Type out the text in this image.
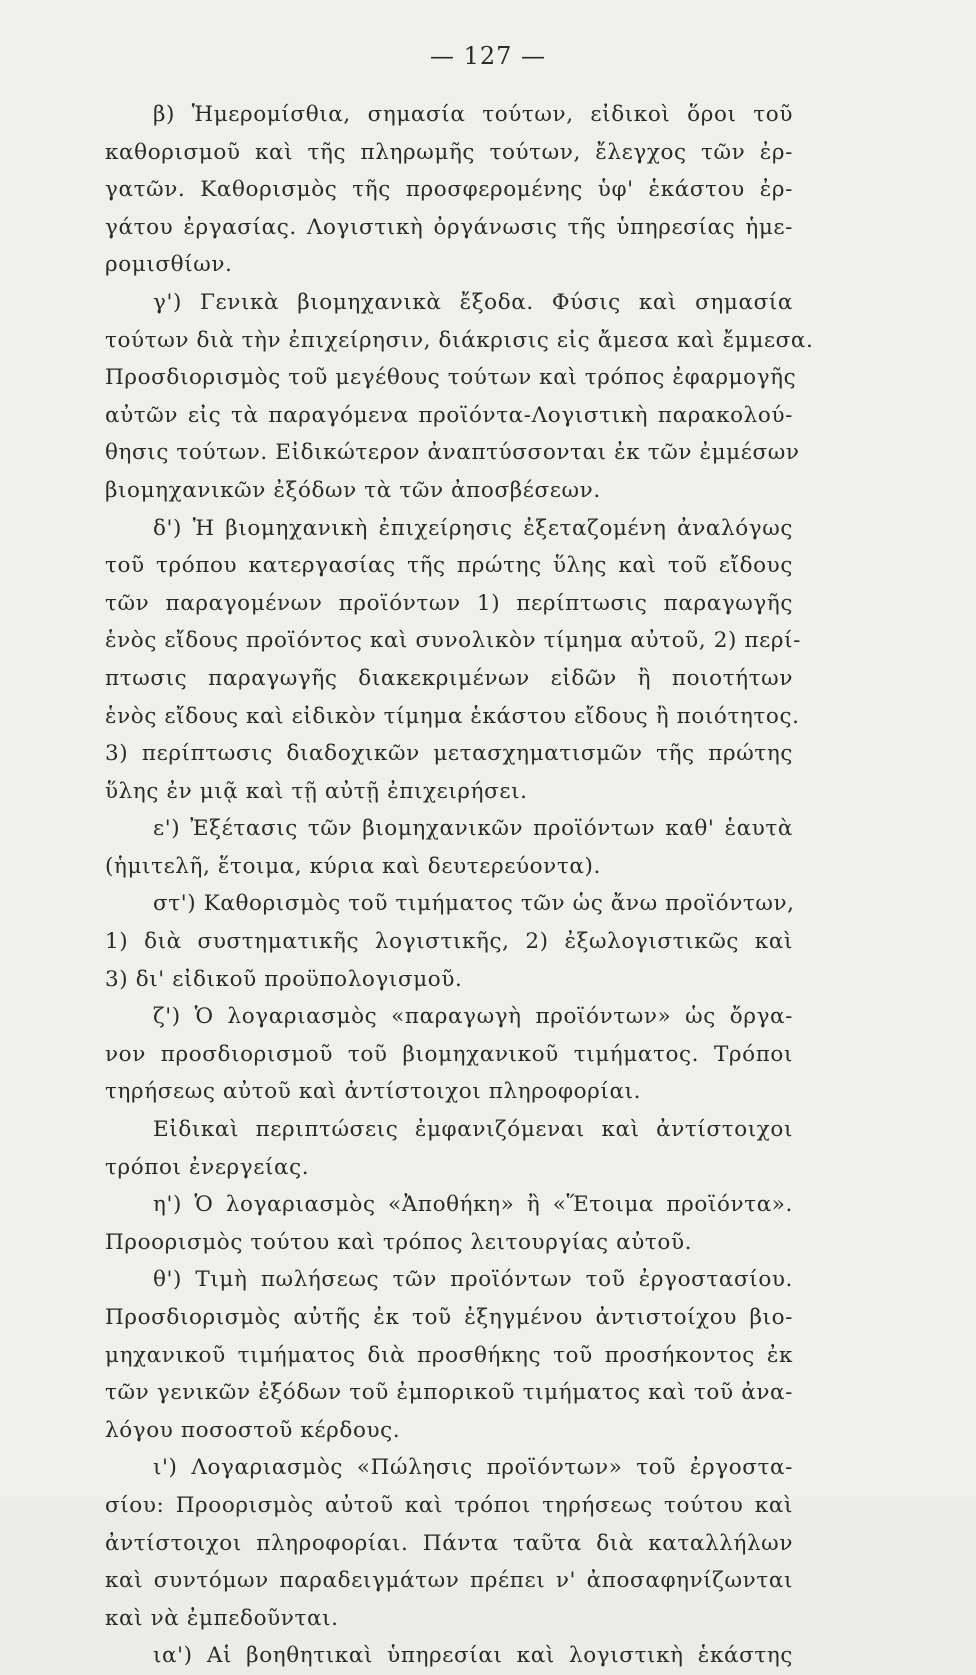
— 127 —
β) Ἡμερομίσθια, σημασία τούτων, εἰδικοὶ ὅροι τοῦ
καθορισμοῦ καὶ τῆς πληρωμῆς τούτων, ἔλεγχος τῶν ἐρ-
γατῶν. Καθορισμὸς τῆς προσφερομένης ὑφ' ἑκάστου ἐρ-
γάτου ἐργασίας. Λογιστικὴ ὀργάνωσις τῆς ὑπηρεσίας ἡμε-
ρομισθίων.
γ') Γενικὰ βιομηχανικὰ ἔξοδα. Φύσις καὶ σημασία
τούτων διὰ τὴν ἐπιχείρησιν, διάκρισις εἰς ἄμεσα καὶ ἔμμεσα.
Προσδιορισμὸς τοῦ μεγέθους τούτων καὶ τρόπος ἐφαρμογῆς
αὐτῶν εἰς τὰ παραγόμενα προϊόντα-Λογιστικὴ παρακολού-
θησις τούτων. Εἰδικώτερον ἀναπτύσσονται ἐκ τῶν ἐμμέσων
βιομηχανικῶν ἐξόδων τὰ τῶν ἀποσβέσεων.
δ') Ἡ βιομηχανικὴ ἐπιχείρησις ἐξεταζομένη ἀναλόγως
τοῦ τρόπου κατεργασίας τῆς πρώτης ὕλης καὶ τοῦ εἴδους
τῶν παραγομένων προϊόντων 1) περίπτωσις παραγωγῆς
ἑνὸς εἴδους προϊόντος καὶ συνολικὸν τίμημα αὐτοῦ, 2) περί-
πτωσις παραγωγῆς διακεκριμένων εἰδῶν ἢ ποιοτήτων
ἑνὸς εἴδους καὶ εἰδικὸν τίμημα ἑκάστου εἴδους ἢ ποιότητος.
3) περίπτωσις διαδοχικῶν μετασχηματισμῶν τῆς πρώτης
ὕλης ἐν μιᾷ καὶ τῇ αὐτῇ ἐπιχειρήσει.
ε') Ἐξέτασις τῶν βιομηχανικῶν προϊόντων καθ' ἑαυτὰ
(ἡμιτελῆ, ἕτοιμα, κύρια καὶ δευτερεύοντα).
στ') Καθορισμὸς τοῦ τιμήματος τῶν ὡς ἄνω προϊόντων,
1) διὰ συστηματικῆς λογιστικῆς, 2) ἐξωλογιστικῶς καὶ
3) δι' εἰδικοῦ προϋπολογισμοῦ.
ζ') Ὁ λογαριασμὸς «παραγωγὴ προϊόντων» ὡς ὄργα-
νον προσδιορισμοῦ τοῦ βιομηχανικοῦ τιμήματος. Τρόποι
τηρήσεως αὐτοῦ καὶ ἀντίστοιχοι πληροφορίαι.
Εἰδικαὶ περιπτώσεις ἐμφανιζόμεναι καὶ ἀντίστοιχοι
τρόποι ἐνεργείας.
η') Ὁ λογαριασμὸς «Ἀποθήκη» ἢ «Ἕτοιμα προϊόντα».
Προορισμὸς τούτου καὶ τρόπος λειτουργίας αὐτοῦ.
θ') Τιμὴ πωλήσεως τῶν προϊόντων τοῦ ἐργοστασίου.
Προσδιορισμὸς αὐτῆς ἐκ τοῦ ἐξηγμένου ἀντιστοίχου βιο-
μηχανικοῦ τιμήματος διὰ προσθήκης τοῦ προσήκοντος ἐκ
τῶν γενικῶν ἐξόδων τοῦ ἐμπορικοῦ τιμήματος καὶ τοῦ ἀνα-
λόγου ποσοστοῦ κέρδους.
ι') Λογαριασμὸς «Πώλησις προϊόντων» τοῦ ἐργοστα-
σίου: Προορισμὸς αὐτοῦ καὶ τρόποι τηρήσεως τούτου καὶ
ἀντίστοιχοι πληροφορίαι. Πάντα ταῦτα διὰ καταλλήλων
καὶ συντόμων παραδειγμάτων πρέπει ν' ἀποσαφηνίζωνται
καὶ νὰ ἐμπεδοῦνται.
ια') Αἱ βοηθητικαὶ ὑπηρεσίαι καὶ λογιστικὴ ἑκάστης
